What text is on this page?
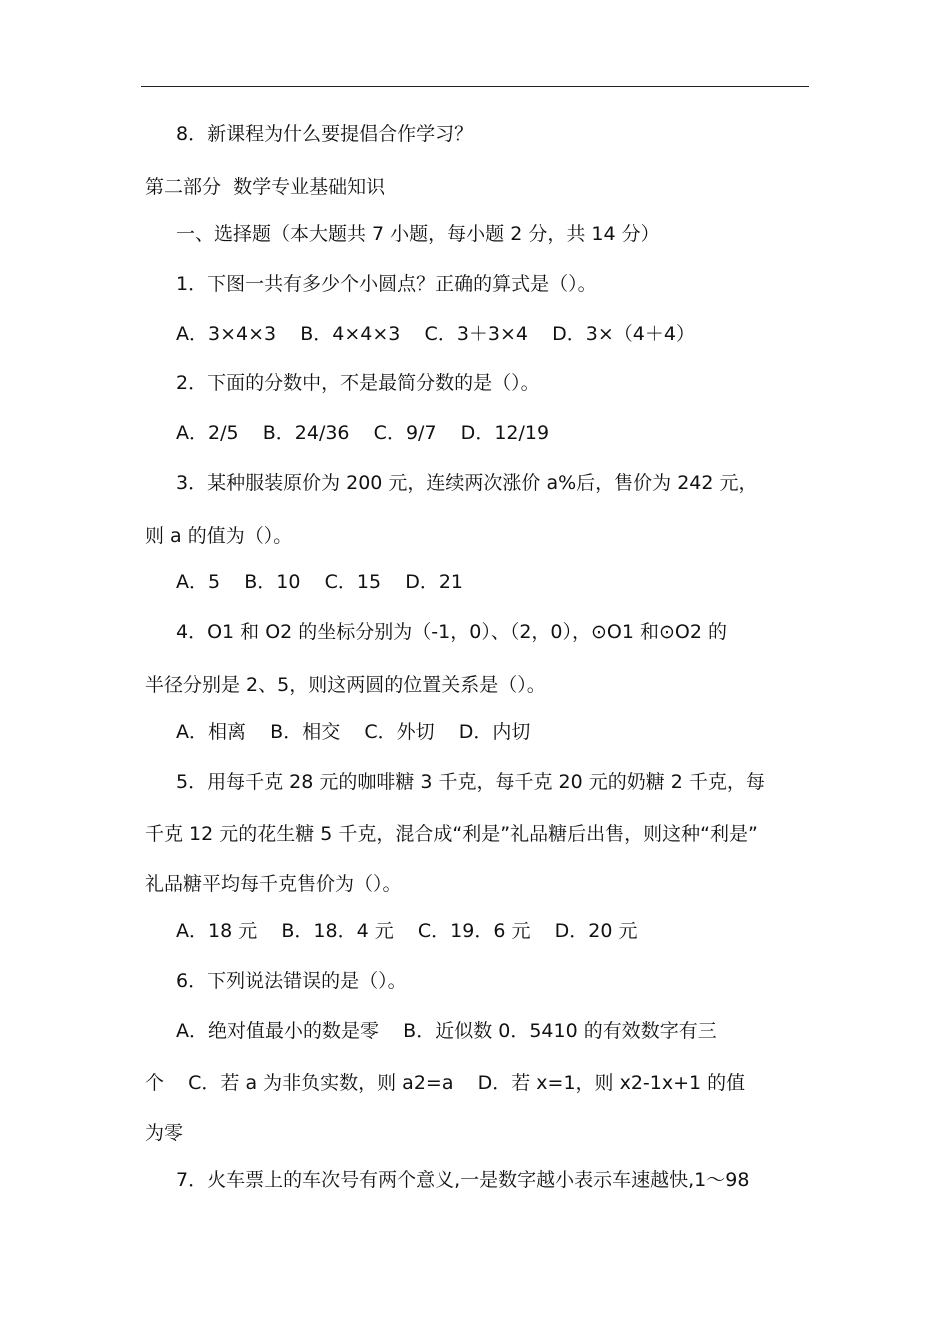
8．新课程为什么要提倡合作学习？
第二部分  数学专业基础知识
一、选择题（本大题共 7 小题，每小题 2 分，共 14 分）
1．下图一共有多少个小圆点？正确的算式是（）。
A．3×4×3    B．4×4×3    C．3＋3×4    D．3×（4＋4）
2．下面的分数中，不是最简分数的是（）。
A．2/5    B．24/36    C．9/7    D．12/19
3．某种服装原价为 200 元，连续两次涨价 a%后，售价为 242 元，
则 a 的值为（）。
A．5    B．10    C．15    D．21
4．O1 和 O2 的坐标分别为（-1，0）、（2，0），⊙O1 和⊙O2 的
半径分别是 2、5，则这两圆的位置关系是（）。
A．相离    B．相交    C．外切    D．内切
5．用每千克 28 元的咖啡糖 3 千克，每千克 20 元的奶糖 2 千克，每
千克 12 元的花生糖 5 千克，混合成“利是”礼品糖后出售，则这种“利是”
礼品糖平均每千克售价为（）。
A．18 元    B．18．4 元    C．19．6 元    D．20 元
6．下列说法错误的是（）。
A．绝对值最小的数是零    B．近似数 0．5410 的有效数字有三
个    C．若 a 为非负实数，则 a2=a    D．若 x=1，则 x2-1x+1 的值
为零
7．火车票上的车次号有两个意义,一是数字越小表示车速越快,1～98
